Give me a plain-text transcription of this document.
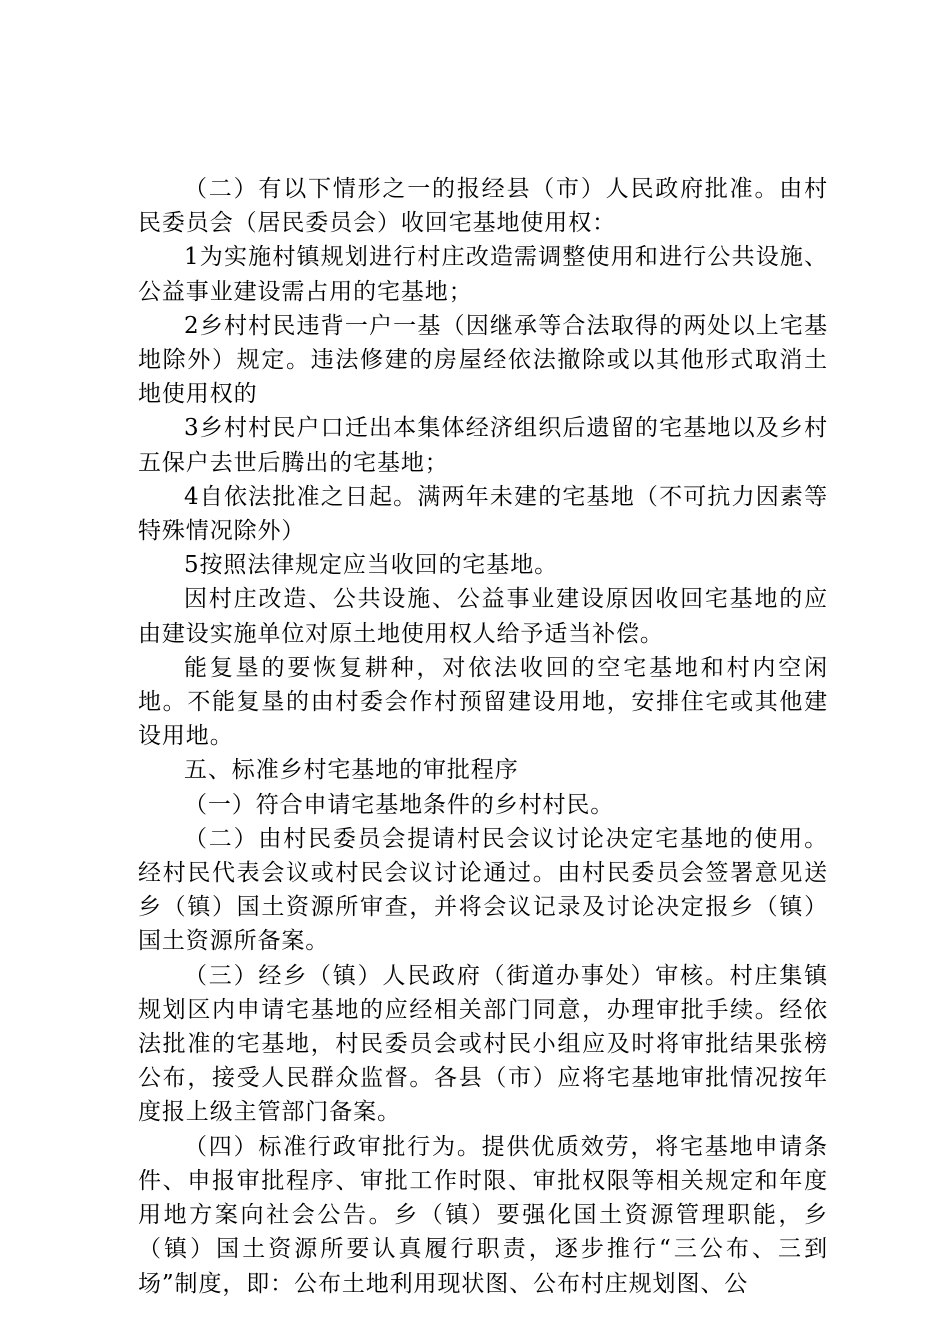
（二）有以下情形之一的报经县（市）人民政府批准。由村民委员会（居民委员会）收回宅基地使用权：

1为实施村镇规划进行村庄改造需调整使用和进行公共设施、公益事业建设需占用的宅基地；

2乡村村民违背一户一基（因继承等合法取得的两处以上宅基地除外）规定。违法修建的房屋经依法撤除或以其他形式取消土地使用权的

3乡村村民户口迁出本集体经济组织后遗留的宅基地以及乡村五保户去世后腾出的宅基地；

4自依法批准之日起。满两年未建的宅基地（不可抗力因素等特殊情况除外）

5按照法律规定应当收回的宅基地。

因村庄改造、公共设施、公益事业建设原因收回宅基地的应由建设实施单位对原土地使用权人给予适当补偿。

能复垦的要恢复耕种，对依法收回的空宅基地和村内空闲地。不能复垦的由村委会作村预留建设用地，安排住宅或其他建设用地。

五、标准乡村宅基地的审批程序

（一）符合申请宅基地条件的乡村村民。

（二）由村民委员会提请村民会议讨论决定宅基地的使用。经村民代表会议或村民会议讨论通过。由村民委员会签署意见送乡（镇）国土资源所审查，并将会议记录及讨论决定报乡（镇）国土资源所备案。

（三）经乡（镇）人民政府（街道办事处）审核。村庄集镇规划区内申请宅基地的应经相关部门同意，办理审批手续。经依法批准的宅基地，村民委员会或村民小组应及时将审批结果张榜公布，接受人民群众监督。各县（市）应将宅基地审批情况按年度报上级主管部门备案。

（四）标准行政审批行为。提供优质效劳，将宅基地申请条件、申报审批程序、审批工作时限、审批权限等相关规定和年度用地方案向社会公告。乡（镇）要强化国土资源管理职能，乡（镇）国土资源所要认真履行职责，逐步推行“三公布、三到场”制度，即：公布土地利用现状图、公布村庄规划图、公
